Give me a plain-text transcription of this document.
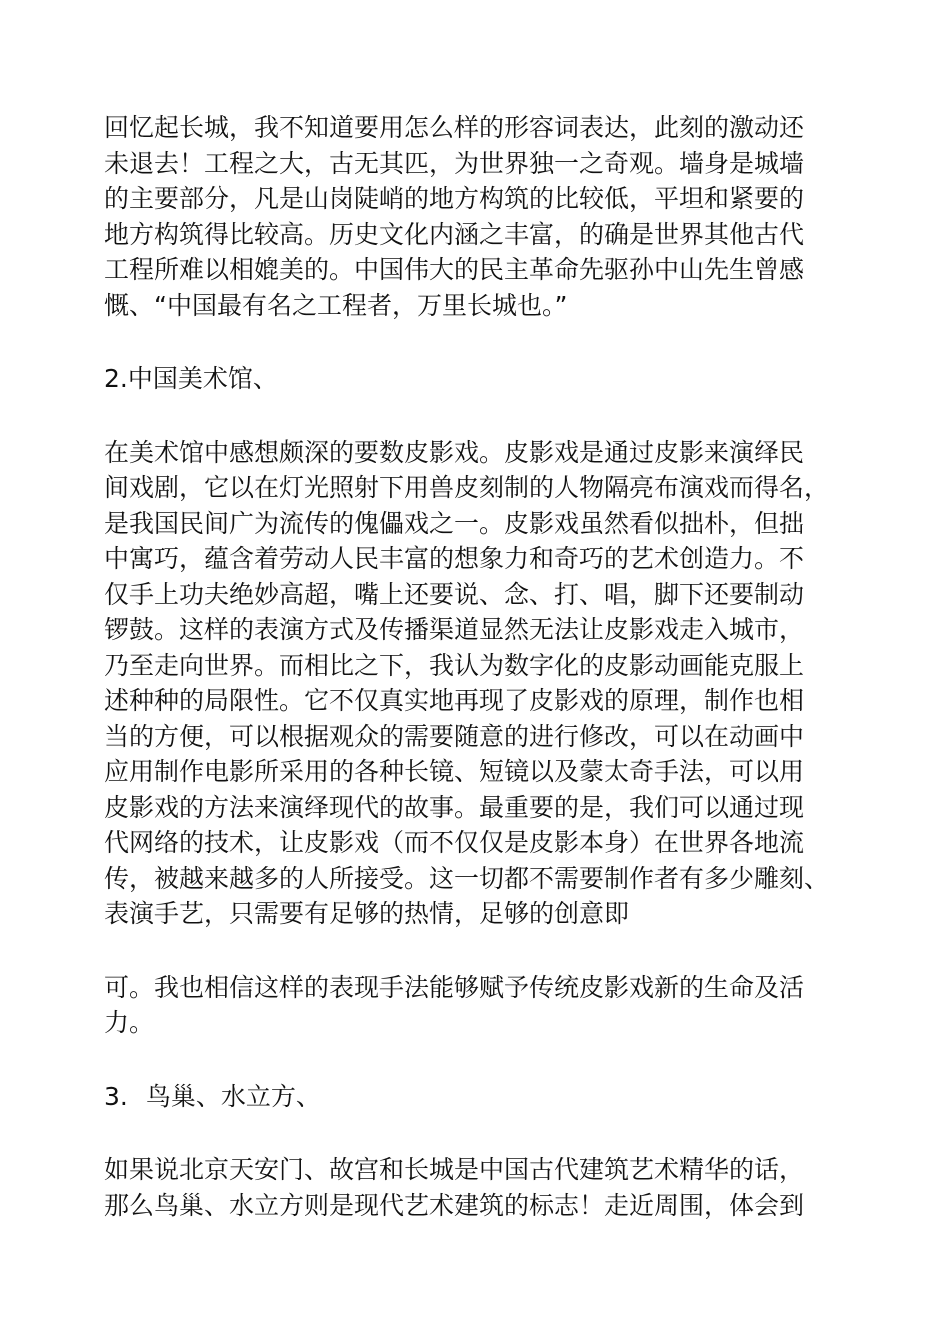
回忆起长城，我不知道要用怎么样的形容词表达，此刻的激动还
未退去！工程之大，古无其匹，为世界独一之奇观。墙身是城墙
的主要部分，凡是山岗陡峭的地方构筑的比较低，平坦和紧要的
地方构筑得比较高。历史文化内涵之丰富，的确是世界其他古代
工程所难以相媲美的。中国伟大的民主革命先驱孙中山先生曾感
慨、“中国最有名之工程者，万里长城也。”
2.中国美术馆、
在美术馆中感想颇深的要数皮影戏。皮影戏是通过皮影来演绎民
间戏剧，它以在灯光照射下用兽皮刻制的人物隔亮布演戏而得名，
是我国民间广为流传的傀儡戏之一。皮影戏虽然看似拙朴，但拙
中寓巧，蕴含着劳动人民丰富的想象力和奇巧的艺术创造力。不
仅手上功夫绝妙高超，嘴上还要说、念、打、唱，脚下还要制动
锣鼓。这样的表演方式及传播渠道显然无法让皮影戏走入城市，
乃至走向世界。而相比之下，我认为数字化的皮影动画能克服上
述种种的局限性。它不仅真实地再现了皮影戏的原理，制作也相
当的方便，可以根据观众的需要随意的进行修改，可以在动画中
应用制作电影所采用的各种长镜、短镜以及蒙太奇手法，可以用
皮影戏的方法来演绎现代的故事。最重要的是，我们可以通过现
代网络的技术，让皮影戏（而不仅仅是皮影本身）在世界各地流
传，被越来越多的人所接受。这一切都不需要制作者有多少雕刻、
表演手艺，只需要有足够的热情，足够的创意即
可。我也相信这样的表现手法能够赋予传统皮影戏新的生命及活
力。
3. 鸟巢、水立方、
如果说北京天安门、故宫和长城是中国古代建筑艺术精华的话，
那么鸟巢、水立方则是现代艺术建筑的标志！走近周围，体会到
